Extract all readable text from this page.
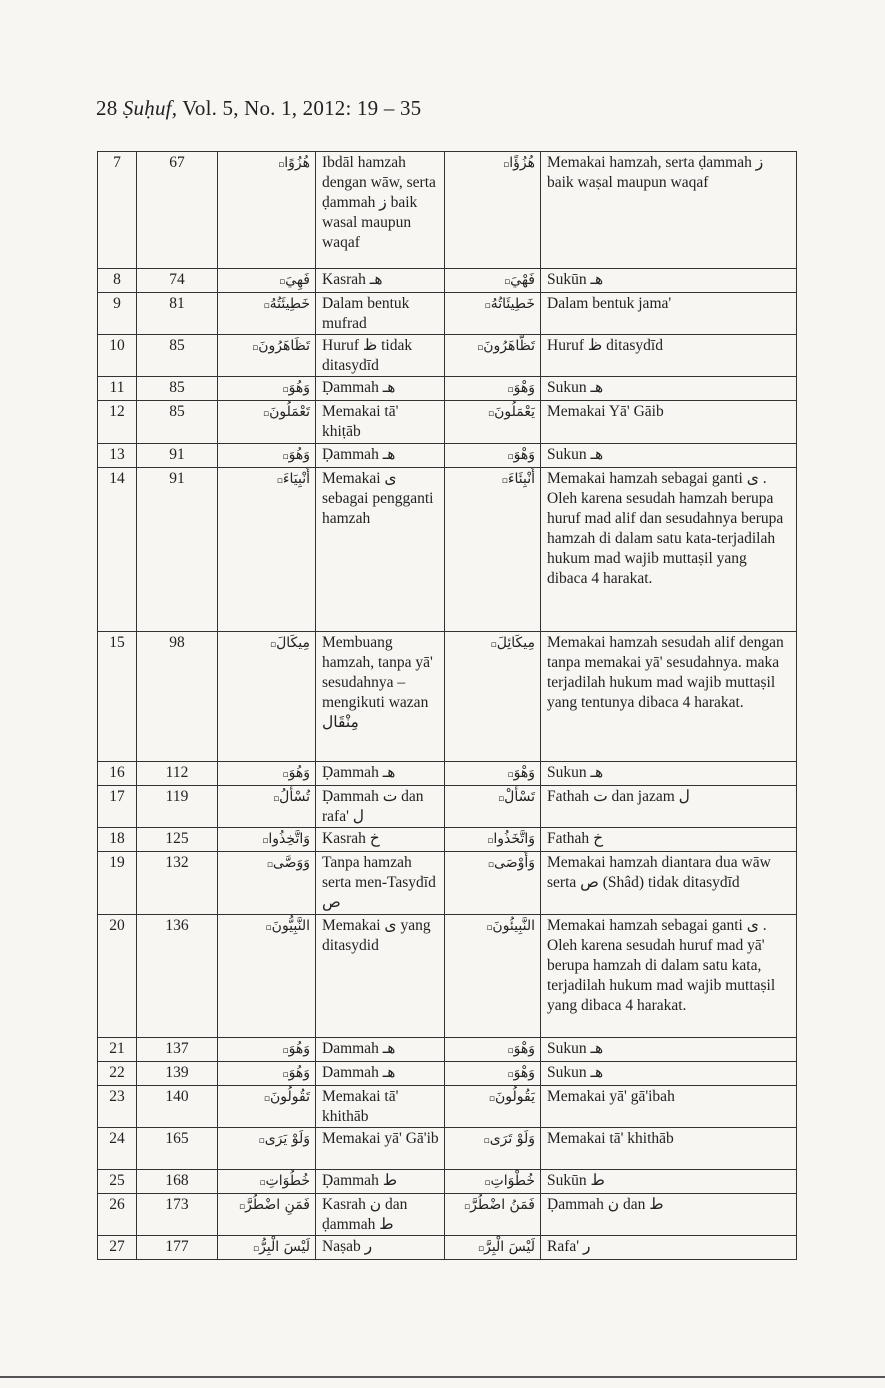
28 Ṣuḥuf, Vol. 5, No. 1, 2012: 19 – 35
7	67	هُزُوًا▫	Ibdāl hamzah dengan wāw, serta ḍammah ز baik wasal maupun waqaf	هُزُؤًا▫	Memakai hamzah, serta ḍammah ز baik waṣal maupun waqaf
8	74	فَهِيَ▫	Kasrah هـ	فَهْيَ▫	Sukūn هـ
9	81	خَطِيئَتُهُ▫	Dalam bentuk mufrad	خَطِيئَاتُهُ▫	Dalam bentuk jama'
10	85	تَظَاهَرُونَ▫	Huruf ظ tidak ditasydīd	تَظَّاهَرُونَ▫	Huruf ظ ditasydīd
11	85	وَهُوَ▫	Ḍammah هـ	وَهْوَ▫	Sukun هـ
12	85	تَعْمَلُونَ▫	Memakai tā' khiṭāb	يَعْمَلُونَ▫	Memakai Yā' Gāib
13	91	وَهُوَ▫	Ḍammah هـ	وَهْوَ▫	Sukun هـ
14	91	أَنْبِيَاءَ▫	Memakai ى sebagai pengganti hamzah	أَنْبِئَاءَ▫	Memakai hamzah sebagai ganti ى . Oleh karena sesudah hamzah berupa huruf mad alif dan sesudahnya berupa hamzah di dalam satu kata-terjadilah hukum mad wajib muttaṣil yang dibaca 4 harakat.
15	98	مِيكَالَ▫	Membuang hamzah, tanpa yā' sesudahnya – mengikuti wazan مِنْقَال	مِيكَائِلَ▫	Memakai hamzah sesudah alif dengan tanpa memakai yā' sesudahnya. maka terjadilah hukum mad wajib muttaṣil yang tentunya dibaca 4 harakat.
16	112	وَهُوَ▫	Ḍammah هـ	وَهْوَ▫	Sukun هـ
17	119	تُسْأَلُ▫	Ḍammah ت dan rafa' ل	تَسْأَلْ▫	Fathah ت dan jazam ل
18	125	وَاتَّخِذُوا▫	Kasrah خ	وَاتَّخَذُوا▫	Fathah خ
19	132	وَوَصَّى▫	Tanpa hamzah serta men-Tasydīd ص	وَأَوْصَى▫	Memakai hamzah diantara dua wāw serta ص (Shâd) tidak ditasydīd
20	136	النَّبِيُّونَ▫	Memakai ى yang ditasydid	النَّبِيئُونَ▫	Memakai hamzah sebagai ganti ى . Oleh karena sesudah huruf mad yā' berupa hamzah di dalam satu kata, terjadilah hukum mad wajib muttaṣil yang dibaca 4 harakat.
21	137	وَهُوَ▫	Dammah هـ	وَهْوَ▫	Sukun هـ
22	139	وَهُوَ▫	Dammah هـ	وَهْوَ▫	Sukun هـ
23	140	تَقُولُونَ▫	Memakai tā' khithāb	يَقُولُونَ▫	Memakai yā' gā'ibah
24	165	وَلَوْ يَرَى▫	Memakai yā' Gā'ib	وَلَوْ تَرَى▫	Memakai tā' khithāb
25	168	خُطُوَاتِ▫	Ḍammah ط	خُطْوَاتِ▫	Sukūn ط
26	173	فَمَنِ اضْطُرَّ▫	Kasrah ن dan ḍammah ط	فَمَنُ اضْطُرَّ▫	Ḍammah ن dan ط
27	177	لَيْسَ الْبِرُّ▫	Naṣab ر	لَيْسَ الْبِرَّ▫	Rafa' ر
